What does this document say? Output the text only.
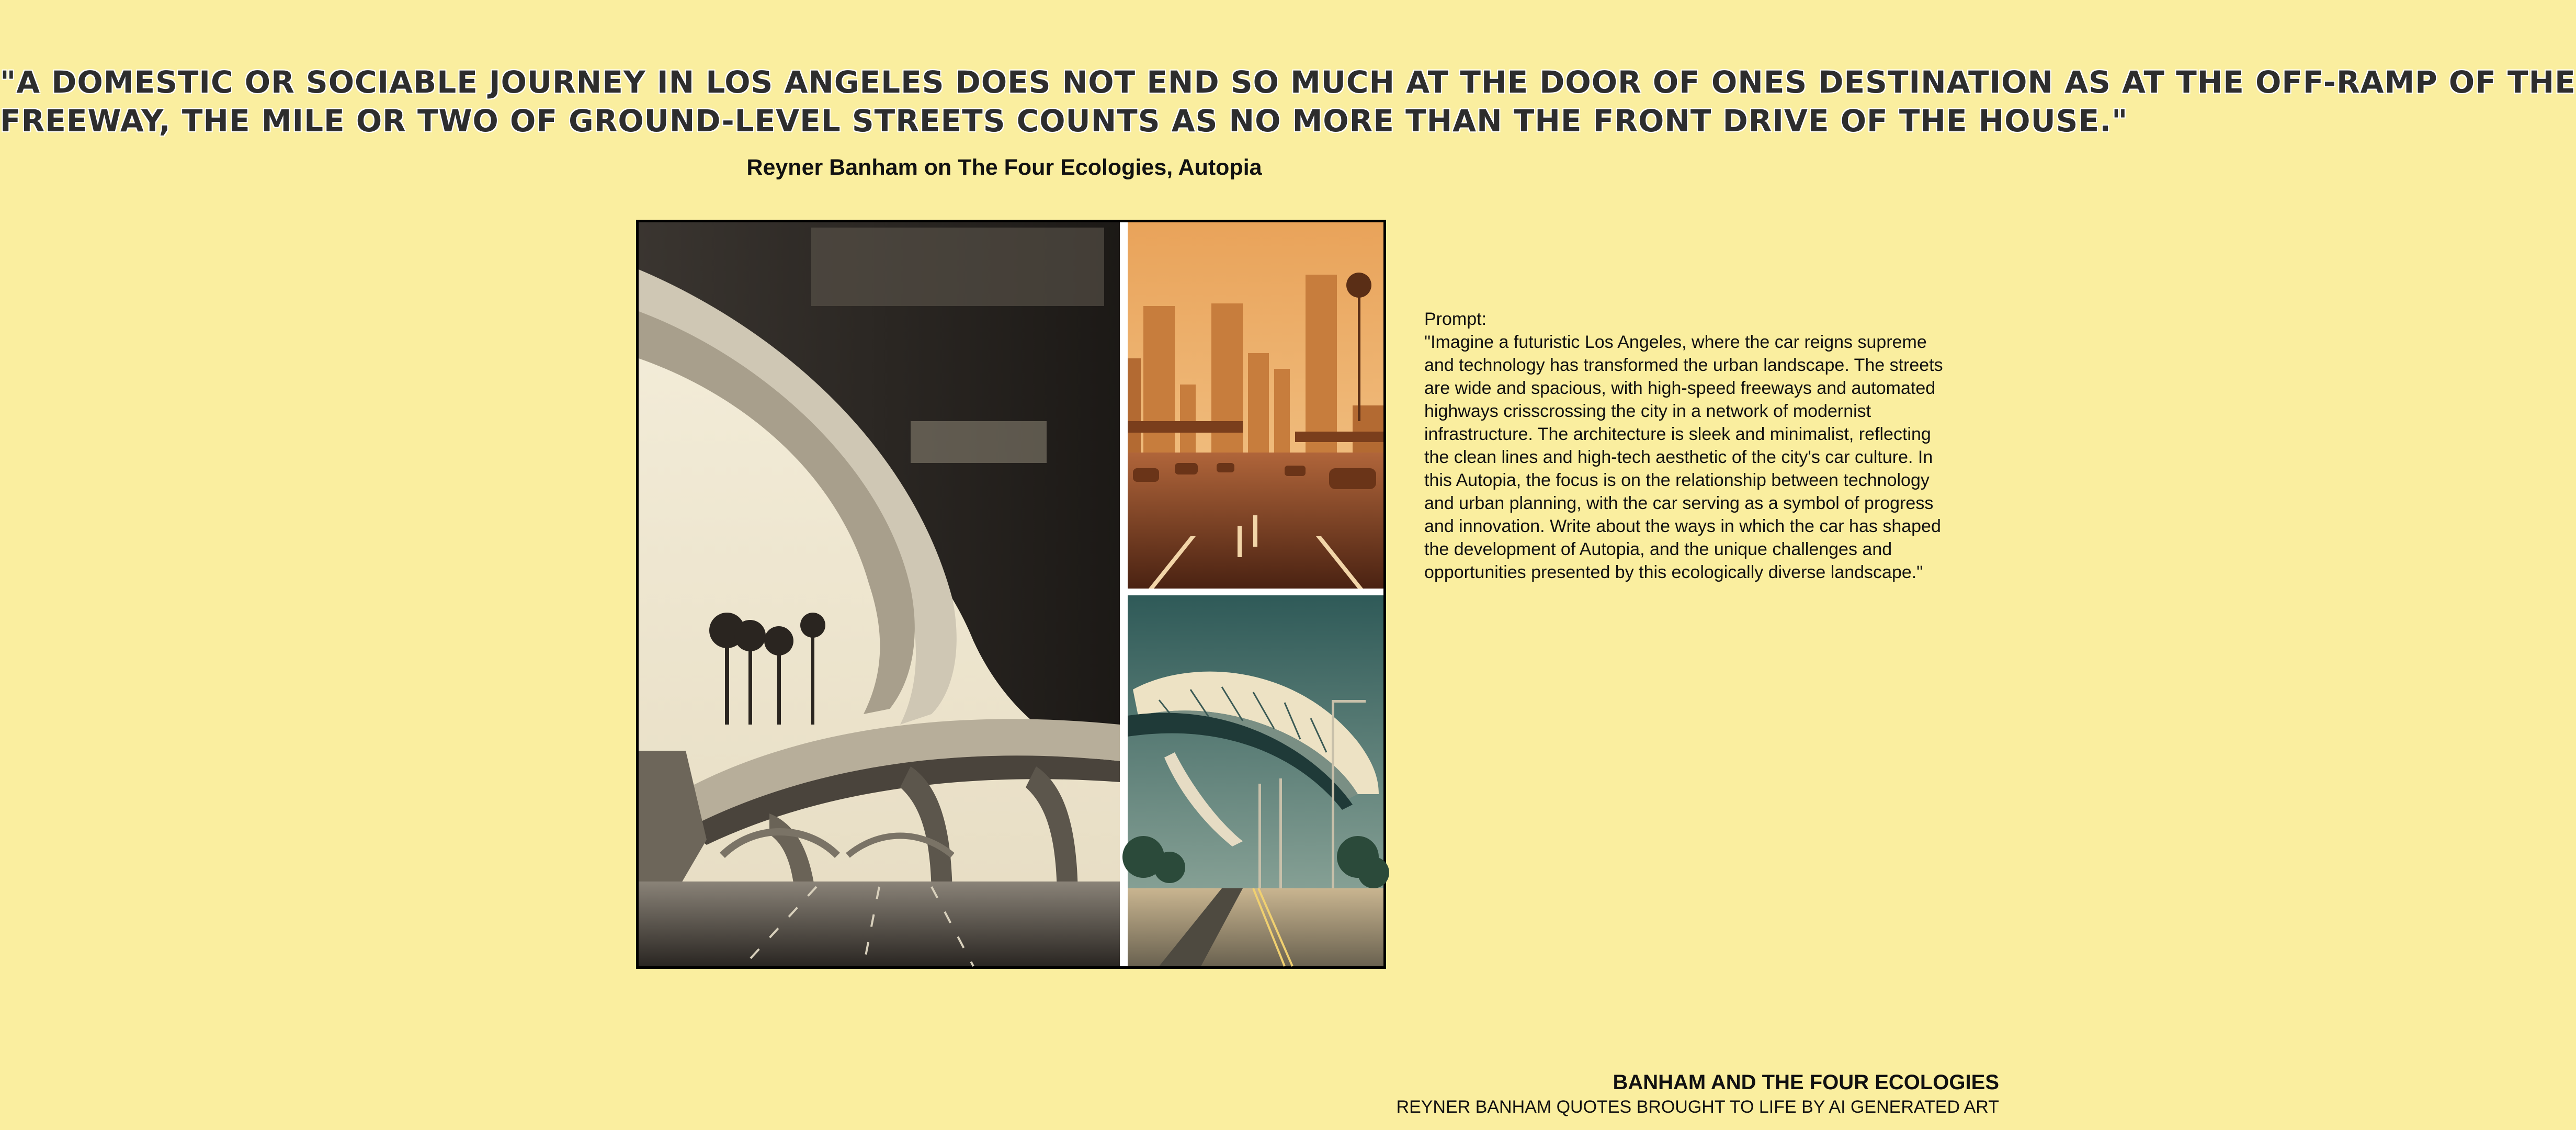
"A DOMESTIC OR SOCIABLE JOURNEY IN LOS ANGELES DOES NOT END SO MUCH AT THE DOOR OF ONES DESTINATION AS AT THE OFF-RAMP OF THE
FREEWAY, THE MILE OR TWO OF GROUND-LEVEL STREETS COUNTS AS NO MORE THAN THE FRONT DRIVE OF THE HOUSE."
Reyner Banham on The Four Ecologies, Autopia
Prompt:
"Imagine a futuristic Los Angeles, where the car reigns supreme and technology has transformed the urban landscape. The streets are wide and spacious, with high-speed freeways and automated highways crisscrossing the city in a network of modernist infrastructure. The architecture is sleek and minimalist, reflecting the clean lines and high-tech aesthetic of the city's car culture. In this Autopia, the focus is on the relationship between technology and urban planning, with the car serving as a symbol of progress and innovation. Write about the ways in which the car has shaped the development of Autopia, and the unique challenges and opportunities presented by this ecologically diverse landscape."
BANHAM AND THE FOUR ECOLOGIES
REYNER BANHAM QUOTES BROUGHT TO LIFE BY AI GENERATED ART
